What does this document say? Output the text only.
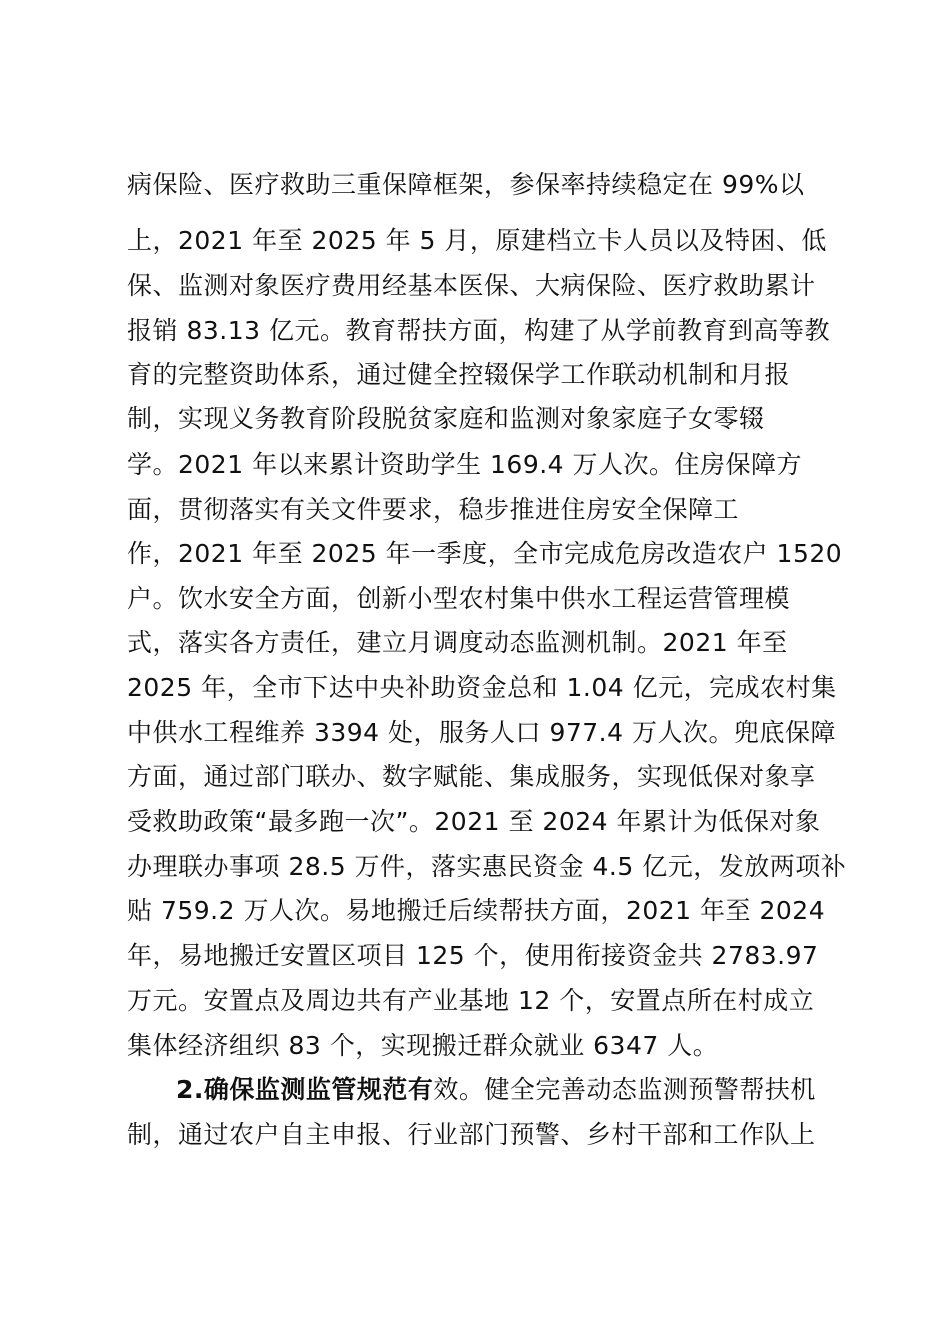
病保险、医疗救助三重保障框架，参保率持续稳定在 99%以
上，2021 年至 2025 年 5 月，原建档立卡人员以及特困、低
保、监测对象医疗费用经基本医保、大病保险、医疗救助累计
报销 83.13 亿元。教育帮扶方面，构建了从学前教育到高等教
育的完整资助体系，通过健全控辍保学工作联动机制和月报
制，实现义务教育阶段脱贫家庭和监测对象家庭子女零辍
学。2021 年以来累计资助学生 169.4 万人次。住房保障方
面，贯彻落实有关文件要求，稳步推进住房安全保障工
作，2021 年至 2025 年一季度，全市完成危房改造农户 1520
户。饮水安全方面，创新小型农村集中供水工程运营管理模
式，落实各方责任，建立月调度动态监测机制。2021 年至
2025 年，全市下达中央补助资金总和 1.04 亿元，完成农村集
中供水工程维养 3394 处，服务人口 977.4 万人次。兜底保障
方面，通过部门联办、数字赋能、集成服务，实现低保对象享
受救助政策“最多跑一次”。2021 至 2024 年累计为低保对象
办理联办事项 28.5 万件，落实惠民资金 4.5 亿元，发放两项补
贴 759.2 万人次。易地搬迁后续帮扶方面，2021 年至 2024
年，易地搬迁安置区项目 125 个，使用衔接资金共 2783.97
万元。安置点及周边共有产业基地 12 个，安置点所在村成立
集体经济组织 83 个，实现搬迁群众就业 6347 人。
2.确保监测监管规范有效。健全完善动态监测预警帮扶机
制，通过农户自主申报、行业部门预警、乡村干部和工作队上
